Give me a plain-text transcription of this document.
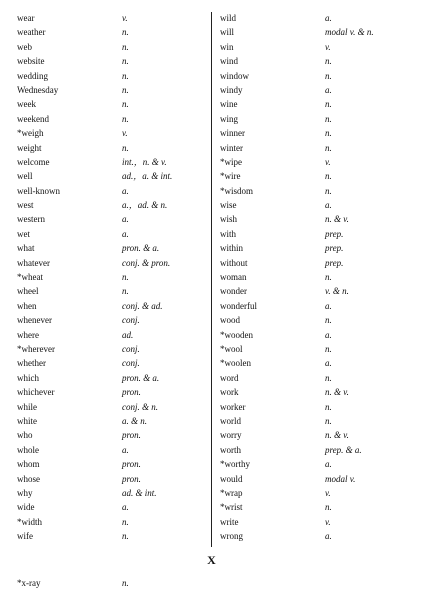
wear	v.
weather	n.
web	n.
website	n.
wedding	n.
Wednesday	n.
week	n.
weekend	n.
*weigh	v.
weight	n.
welcome	int.，n. & v.
well	ad.，a. & int.
well-known	a.
west	a.，ad. & n.
western	a.
wet	a.
what	pron. & a.
whatever	conj. & pron.
*wheat	n.
wheel	n.
when	conj. & ad.
whenever	conj.
where	ad.
*wherever	conj.
whether	conj.
which	pron. & a.
whichever	pron.
while	conj. & n.
white	a. & n.
who	pron.
whole	a.
whom	pron.
whose	pron.
why	ad. & int.
wide	a.
*width	n.
wife	n.
wild	a.
will	modal v. & n.
win	v.
wind	n.
window	n.
windy	a.
wine	n.
wing	n.
winner	n.
winter	n.
*wipe	v.
*wire	n.
*wisdom	n.
wise	a.
wish	n. & v.
with	prep.
within	prep.
without	prep.
woman	n.
wonder	v. & n.
wonderful	a.
wood	n.
*wooden	a.
*wool	n.
*woolen	a.
word	n.
work	n. & v.
worker	n.
world	n.
worry	n. & v.
worth	prep. & a.
*worthy	a.
would	modal v.
*wrap	v.
*wrist	n.
write	v.
wrong	a.
X
*x-ray	n.
